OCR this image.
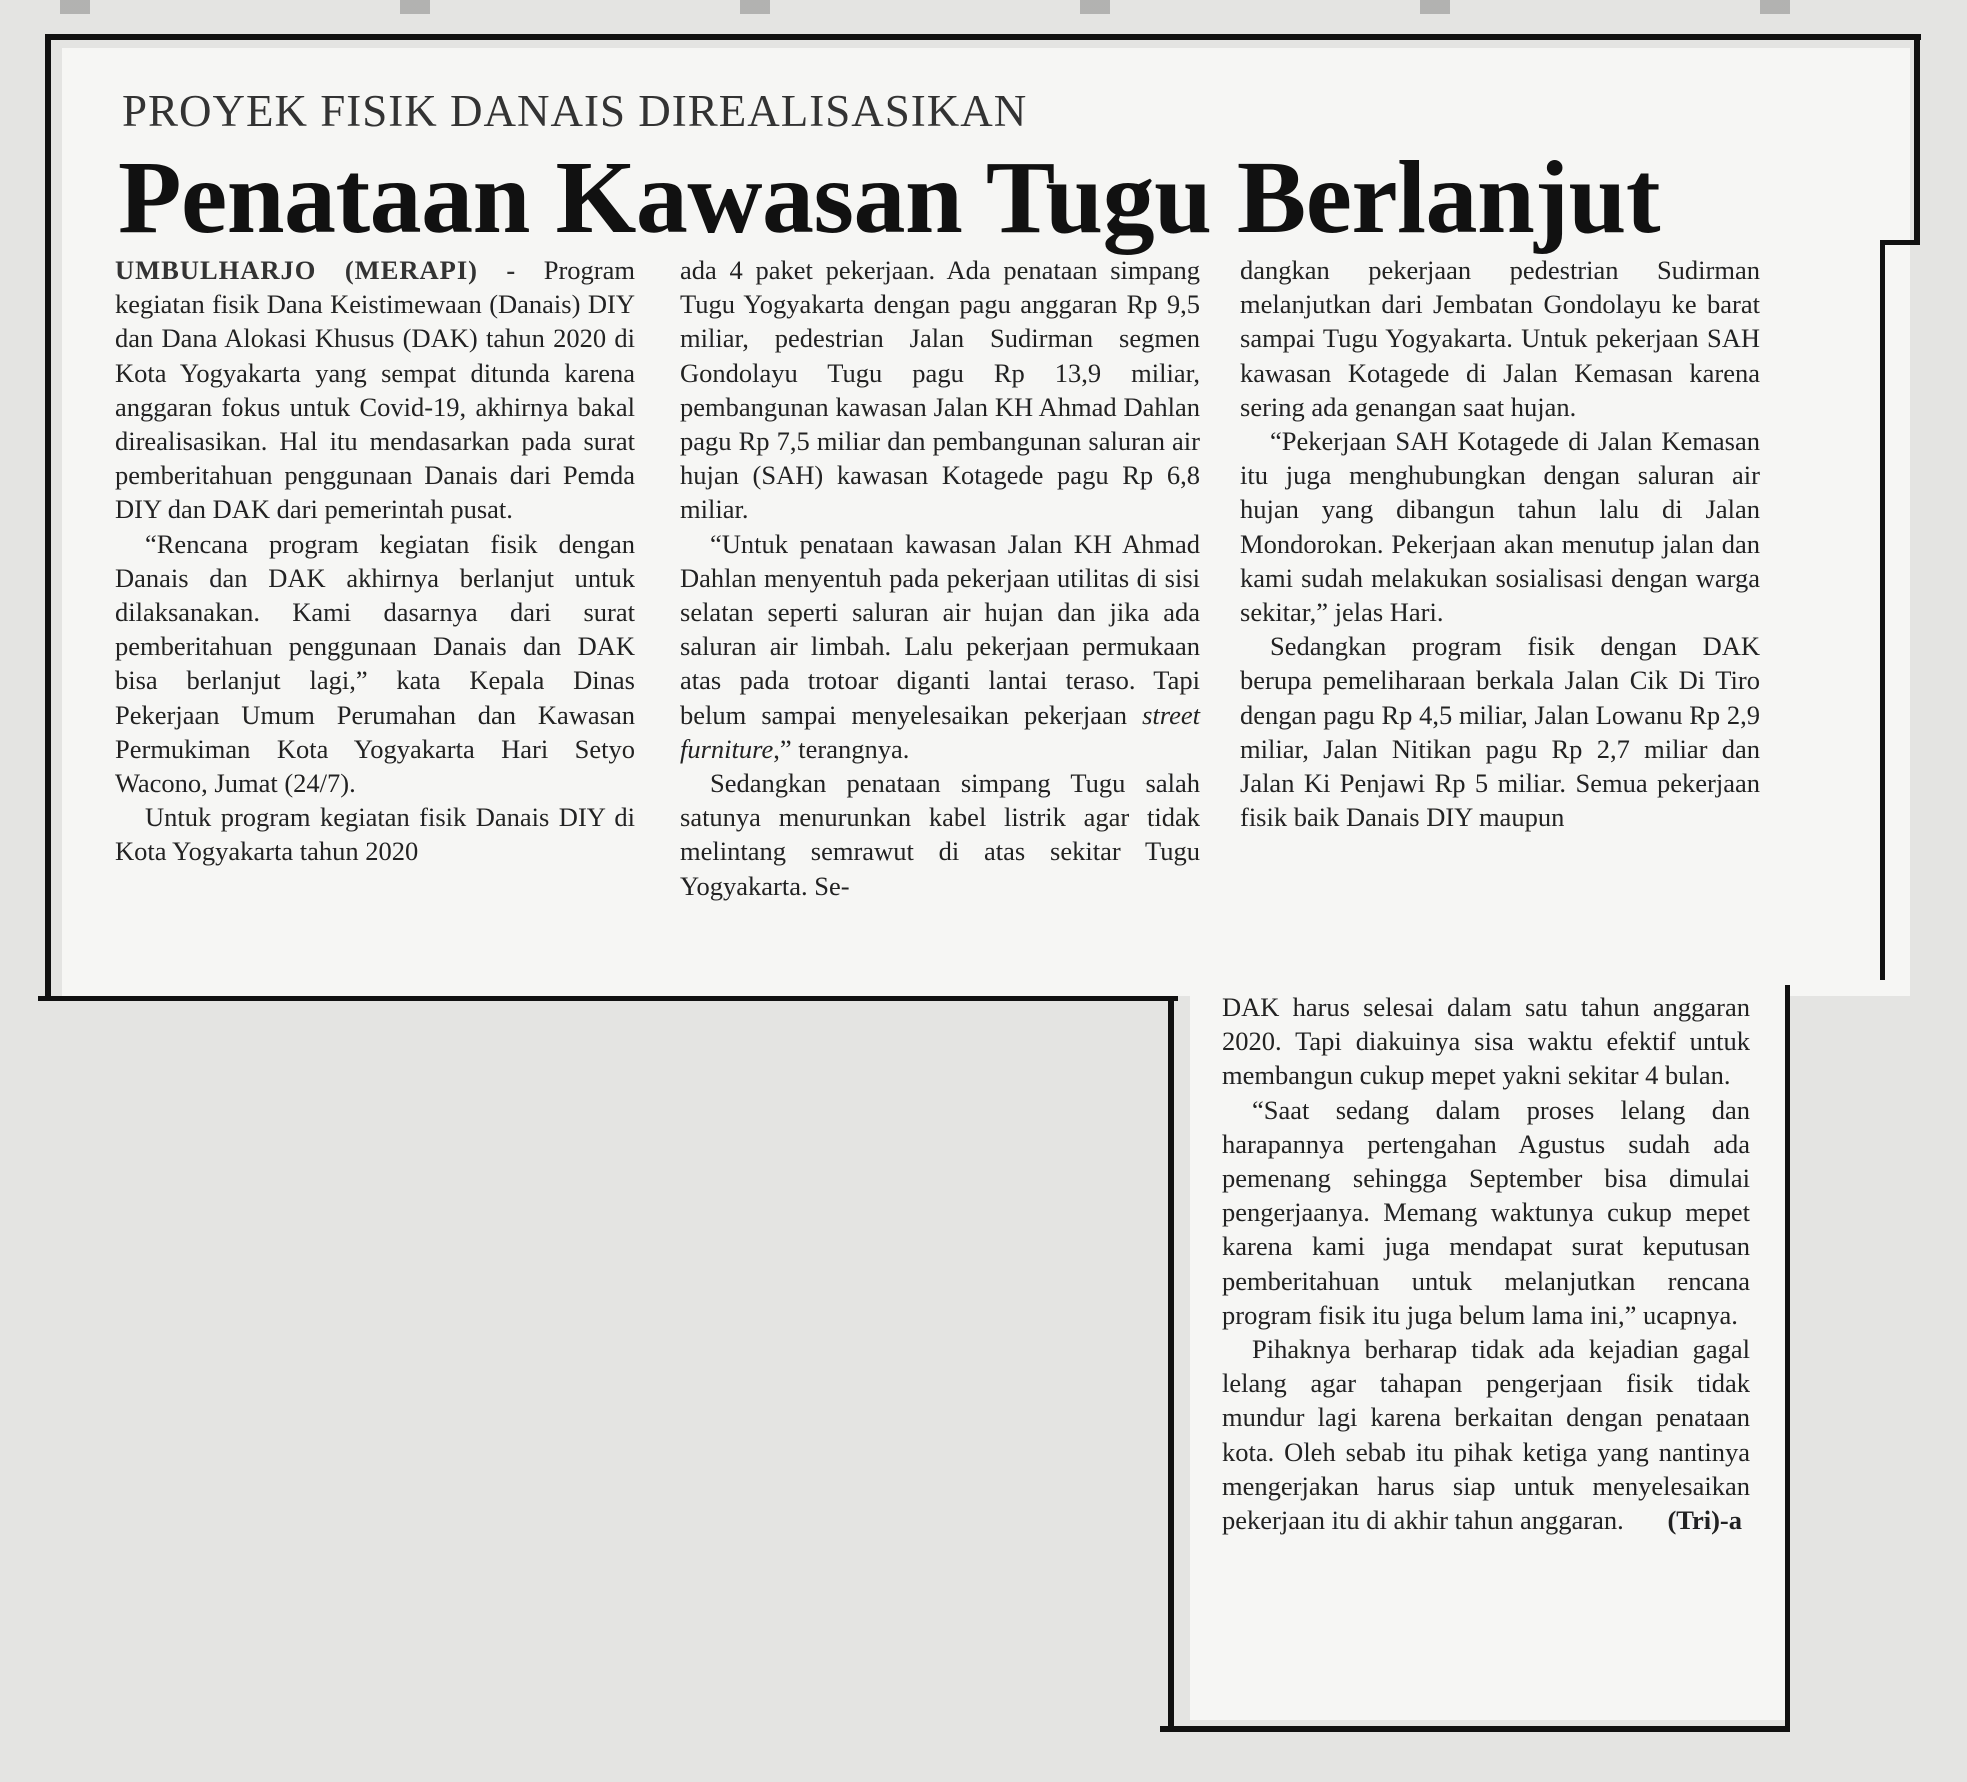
PROYEK FISIK DANAIS DIREALISASIKAN
Penataan Kawasan Tugu Berlanjut

UMBULHARJO (MERAPI) - Program kegiatan fisik Dana Keistimewaan (Danais) DIY dan Dana Alokasi Khusus (DAK) tahun 2020 di Kota Yogyakarta yang sempat ditunda karena anggaran fokus untuk Covid-19, akhirnya bakal direalisasikan. Hal itu mendasarkan pada surat pemberitahuan penggunaan Danais dari Pemda DIY dan DAK dari pemerintah pusat.

“Rencana program kegiatan fisik dengan Danais dan DAK akhirnya berlanjut untuk dilaksanakan. Kami dasarnya dari surat pemberitahuan penggunaan Danais dan DAK bisa berlanjut lagi,” kata Kepala Dinas Pekerjaan Umum Perumahan dan Kawasan Permukiman Kota Yogyakarta Hari Setyo Wacono, Jumat (24/7).

Untuk program kegiatan fisik Danais DIY di Kota Yogyakarta tahun 2020

ada 4 paket pekerjaan. Ada penataan simpang Tugu Yogyakarta dengan pagu anggaran Rp 9,5 miliar, pedestrian Jalan Sudirman segmen Gondolayu Tugu pagu Rp 13,9 miliar, pembangunan kawasan Jalan KH Ahmad Dahlan pagu Rp 7,5 miliar dan pembangunan saluran air hujan (SAH) kawasan Kotagede pagu Rp 6,8 miliar.

“Untuk penataan kawasan Jalan KH Ahmad Dahlan menyentuh pada pekerjaan utilitas di sisi selatan seperti saluran air hujan dan jika ada saluran air limbah. Lalu pekerjaan permukaan atas pada trotoar diganti lantai teraso. Tapi belum sampai menyelesaikan pekerjaan street furniture,” terangnya.

Sedangkan penataan simpang Tugu salah satunya menurunkan kabel listrik agar tidak melintang semrawut di atas sekitar Tugu Yogyakarta. Se-

dangkan pekerjaan pedestrian Sudirman melanjutkan dari Jembatan Gondolayu ke barat sampai Tugu Yogyakarta. Untuk pekerjaan SAH kawasan Kotagede di Jalan Kemasan karena sering ada genangan saat hujan.

“Pekerjaan SAH Kotagede di Jalan Kemasan itu juga menghubungkan dengan saluran air hujan yang dibangun tahun lalu di Jalan Mondorokan. Pekerjaan akan menutup jalan dan kami sudah melakukan sosialisasi dengan warga sekitar,” jelas Hari.

Sedangkan program fisik dengan DAK berupa pemeliharaan berkala Jalan Cik Di Tiro dengan pagu Rp 4,5 miliar, Jalan Lowanu Rp 2,9 miliar, Jalan Nitikan pagu Rp 2,7 miliar dan Jalan Ki Penjawi Rp 5 miliar. Semua pekerjaan fisik baik Danais DIY maupun

DAK harus selesai dalam satu tahun anggaran 2020. Tapi diakuinya sisa waktu efektif untuk membangun cukup mepet yakni sekitar 4 bulan.

“Saat sedang dalam proses lelang dan harapannya pertengahan Agustus sudah ada pemenang sehingga September bisa dimulai pengerjaanya. Memang waktunya cukup mepet karena kami juga mendapat surat keputusan pemberitahuan untuk melanjutkan rencana program fisik itu juga belum lama ini,” ucapnya.

Pihaknya berharap tidak ada kejadian gagal lelang agar tahapan pengerjaan fisik tidak mundur lagi karena berkaitan dengan penataan kota. Oleh sebab itu pihak ketiga yang nantinya mengerjakan harus siap untuk menyelesaikan pekerjaan itu di akhir tahun anggaran.	(Tri)-a
